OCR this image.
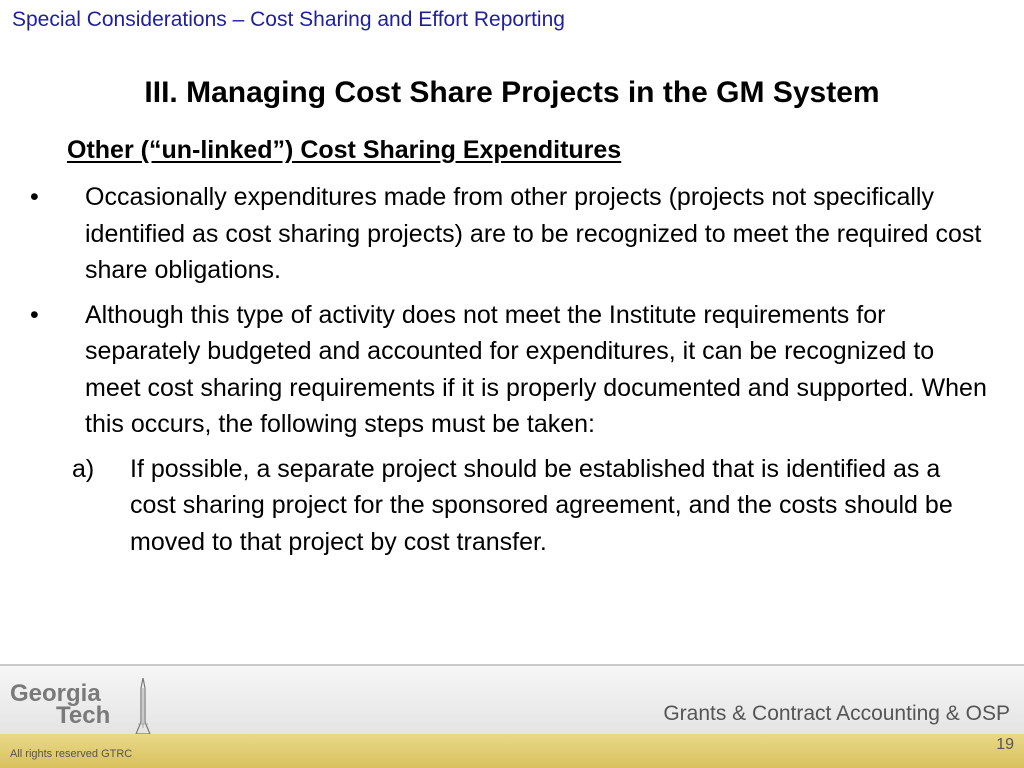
Special Considerations – Cost Sharing and Effort Reporting
III. Managing Cost Share Projects in the GM System
Other (“un-linked”) Cost Sharing Expenditures
• Occasionally expenditures made from other projects (projects not specifically identified as cost sharing projects) are to be recognized to meet the required cost share obligations.
• Although this type of activity does not meet the Institute requirements for separately budgeted and accounted for expenditures, it can be recognized to meet cost sharing requirements if it is properly documented and supported. When this occurs, the following steps must be taken:
a) If possible, a separate project should be established that is identified as a cost sharing project for the sponsored agreement, and the costs should be moved to that project by cost transfer.
Georgia
Tech	Grants & Contract Accounting & OSP
All rights reserved GTRC
19
